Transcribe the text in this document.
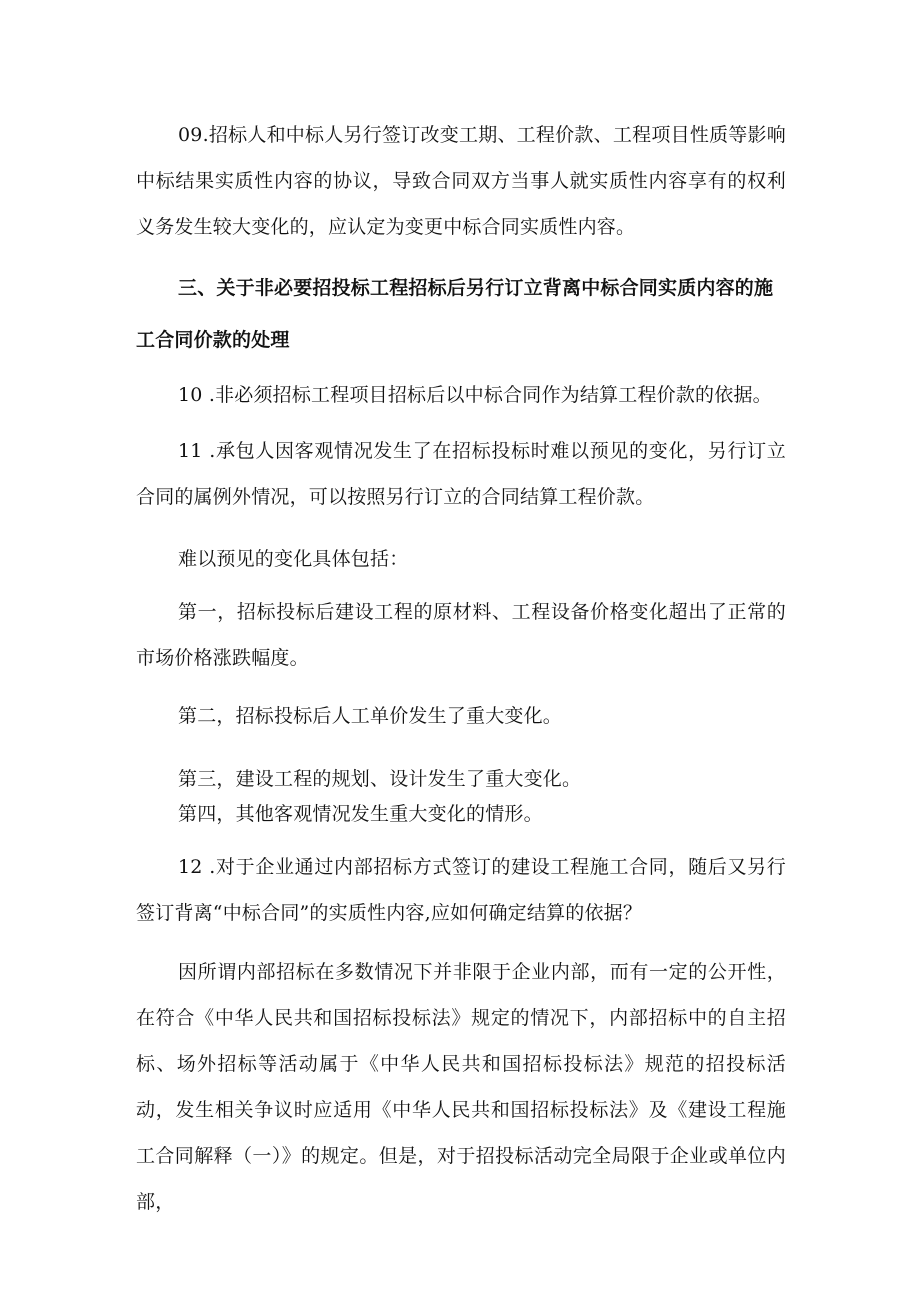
09.招标人和中标人另行签订改变工期、工程价款、工程项目性质等影响中标结果实质性内容的协议，导致合同双方当事人就实质性内容享有的权利义务发生较大变化的，应认定为变更中标合同实质性内容。

三、关于非必要招投标工程招标后另行订立背离中标合同实质内容的施工合同价款的处理

10 .非必须招标工程项目招标后以中标合同作为结算工程价款的依据。

11 .承包人因客观情况发生了在招标投标时难以预见的变化，另行订立合同的属例外情况，可以按照另行订立的合同结算工程价款。

难以预见的变化具体包括：

第一，招标投标后建设工程的原材料、工程设备价格变化超出了正常的市场价格涨跌幅度。

第二，招标投标后人工单价发生了重大变化。

第三，建设工程的规划、设计发生了重大变化。

第四，其他客观情况发生重大变化的情形。

12 .对于企业通过内部招标方式签订的建设工程施工合同，随后又另行签订背离“中标合同”的实质性内容,应如何确定结算的依据？

因所谓内部招标在多数情况下并非限于企业内部，而有一定的公开性，在符合《中华人民共和国招标投标法》规定的情况下，内部招标中的自主招标、场外招标等活动属于《中华人民共和国招标投标法》规范的招投标活动，发生相关争议时应适用《中华人民共和国招标投标法》及《建设工程施工合同解释（一）》的规定。但是，对于招投标活动完全局限于企业或单位内部，
